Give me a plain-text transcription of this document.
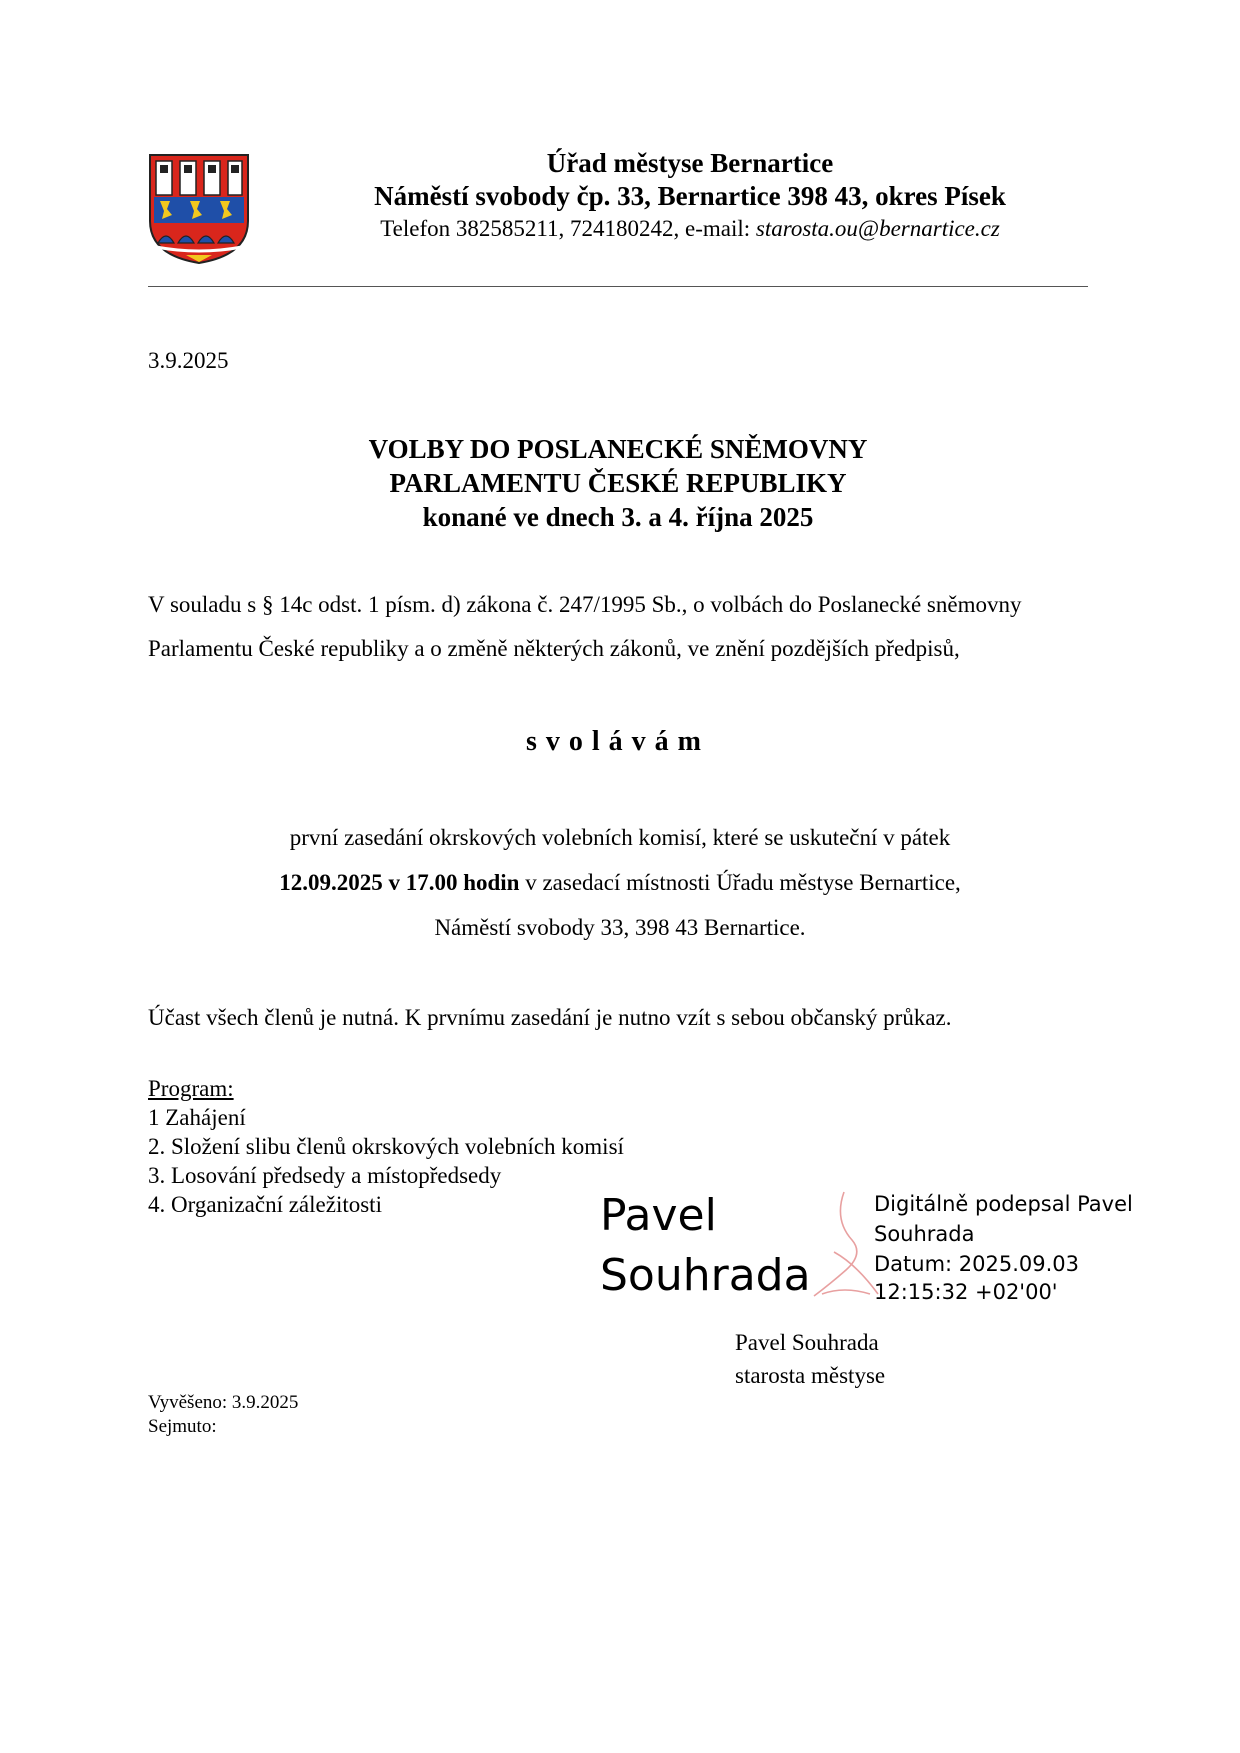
Úřad městyse Bernartice
Náměstí svobody čp. 33, Bernartice 398 43, okres Písek
Telefon 382585211, 724180242, e-mail: starosta.ou@bernartice.cz
3.9.2025
VOLBY DO POSLANECKÉ SNĚMOVNY
PARLAMENTU ČESKÉ REPUBLIKY
konané ve dnech 3. a 4. října 2025
V souladu s § 14c odst. 1 písm. d) zákona č. 247/1995 Sb., o volbách do Poslanecké sněmovny
Parlamentu České republiky a o změně některých zákonů, ve znění pozdějších předpisů,
svolávám
první zasedání okrskových volebních komisí, které se uskuteční v pátek
12.09.2025 v 17.00 hodin v zasedací místnosti Úřadu městyse Bernartice,
Náměstí svobody 33, 398 43 Bernartice.
Účast všech členů je nutná. K prvnímu zasedání je nutno vzít s sebou občanský průkaz.
Program:
1 Zahájení
2. Složení slibu členů okrskových volebních komisí
3. Losování předsedy a místopředsedy
4. Organizační záležitosti	Pavel
Souhrada
Digitálně podepsal Pavel
Souhrada
Datum: 2025.09.03
12:15:32 +02'00'
Pavel Souhrada
starosta městyse
Vyvěšeno: 3.9.2025
Sejmuto:
